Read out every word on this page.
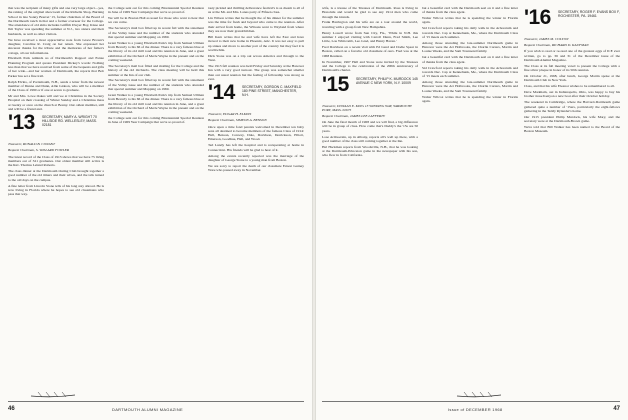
that was the recipient of many gifts and one very large object—yes, the raising of the original showroom of the Richelle Shop, Burning School in late Sonny Bouvet '13, former chairman of the Board of the Dartmouth ranch in that and a former overseer for the College. The attendance of old alma includes Griffith Dwyer Boy, Kisse and Jim Taylor was spending the summer at N.J., two sisters and their husbands, as well as other visitors.

We have received a most appreciative note from Grace Brown's daughter, Caroline R. Craig on her return. She expressed her sincerest thanks for the tribute and the memories of her father's cottage, all our informations.

Elizabeth Park reminds us of Dartmouth's Rapport and Estate Planning Program and quotes President Dickey's words: Nothing less than that we have received from some of the bequests and gifts of her wide—and her women of Dartmouth, the reports that Bob Parker has set a fine trail.

Ralph Elvins, of Portsmouth, N.H., sends a letter from the newest member of Dunne and Dunn, Allie Gideon, who will be a member of the Class of 1990 or if one at seven to graduate.

Mr and Mrs. Lowe Oakes will and we at Christmas in the Society Hospital on their crossing of Winter Sunday and a Christmas mass at twenty or once on the church at Bonny. Our oldest member, still and will be a friend and.

'13 SECRETARY, MARY A. WRIGHT 70 HILLSIDE RD. WELLESLEY, MASS. 02181

Treasurer, RONALD B. CONANT

Bequest Chairman, S. WILLARD FOWLER

The latest record of the Class of 1913 shows that we have 75 living members out of 321 graduates. Our oldest member still active is the Rev. Thomas Leland Roberts.

The class dinner at the Dartmouth Outing Club brought together a good number of the old timers and their wives, and the talk turned to the old days on the campus.

A fine letter from Lincoln Stone tells of his long stay abroad. He is now living in Florida where he hopes to see old classmates who pass that way.

the College sent out for this coming Bicentennial Special Reunion in June of 1969 Year Campaign that we're so proud of.

We will be in Boston Hall as usual for those who want to hear that we can come.

The Secretary's mail box filled up in recent fall with the statement of the Valley issue and the number of the students who attended that special summer and Mapping on 1969.

Grant Walker is a young Elizabeth Park's trip from Samuel Ullman from Beverly to his 66 of the dinner. There is a very famous blue at the library of its old mill road and his reunion in June, and a great exhibition of the Orchard of Merle Wayne in the present and on the coming weekend.

The Secretary's mail box filled and mailing for the College and the history of the old Orchards. The class meeting will be held this summer at the Inn of our club.

The Secretary's mail box filled up in recent fall with the statement of the Valley issue and the number of the students who attended that special summer and Mapping on 1969.

Grant Walker is a young Elizabeth Park's trip from Samuel Ullman from Beverly to his 66 of the dinner. There is a very famous blue at the library of its old mill road and his reunion in June, and a great exhibition of the Orchard of Merle Wayne in the present and on the coming weekend.

the College sent out for this coming Bicentennial Special Reunion in June of 1969 Year Campaign that we're so proud of.

tasty pickled and thrilling deliverance festival's is as dream to all of us at the Mr. and Mrs. Lanes party of Fifteen class.

Lin Wilson writes that he thought the of his dinner for the summer was the time for fresh and beyond who came to the reunion. After their arrival from home, the Wilsons went to Wayland from where they are now their grandchildren.

Bill Kern writes that he and wife have left the East and have moved to their new home in Phoenix, Ariz. It was not easy to pull up stakes and move to another part of the country but they feel it is worthwhile.

Dick Stone was on a trip out across America and through to the West.

The 1913 fall reunion was held Friday and Saturday at the Hanover Inn with a very good turnout. The group was somewhat smaller than our usual reunion but the feeling of fellowship was strong as ever.

'14 SECRETARY, GORDON C. MAXFIELD 180 PINE STREET, MANCHESTER, N.H.

Treasurer, EDGAR H. ELKINS

Bequest Chairman, SIMEON A. BENSON

Once upon a time fond parents welcomed in December ten baby sons all destined to become members of the famous Class of 1914: Hall, Benson, Conway, Dale, Davidson, Derrickson, Elliott, Emerson, Goodhue, Hall, and Wood.

Ted Lundy has left the hospital and is recuperating at home in Connecticut. His friends will be glad to hear of it.

Among the events recently reported was the marriage of the daughter of George Stone to a young man from Boston.

We are sorry to report the death of our classmate Ernest Gurney Ware who passed away in November.

46	DARTMOUTH ALUMNI MAGAZINE

wife, is a trustee of the Trustees of Dartmouth. Ross is living in Honolulu and would be glad to see any 1914 men who come through the islands.

Frank Harrington and his wife are on a tour around the world, traveling with a group from New Hampshire.

Henry Lowell wrote from Sun City, Fla., 'While in N.H. this summer I enjoyed visiting with Carroll Dunn, Fred Smith, Lee Little, Lou Whitcomb, Leo Grad, and Henry Haven.'

Fred Davidson on a recent visit with Ed Lund and Dodie Spear in Boston, called on a favorite old classmate of ours. Fred was at the 1968 Reunion.

In November, 1967 Hall and Stone were invited by the Trustees and the College to the celebration of the 200th anniversary of Dartmouth's charter.

'15 SECRETARY, PHILIP K. MURDOCK 145 AVENUE C NEW YORK, N.Y. 10009

Treasurer, DONALD E. KING 13 WINDING WAY, YARMOUTH PORT, MASS. 02675

Bequest Chairman, JAMES LEE LAFFERTY

On June the final month of 1968 and we will find, a big difference will be in group of class. How come that's Daddy's the '15s are 50 years.

Lose Armwersin, up in Albany, reports all's well up there, with a good number of the class still coming together at the Inn.

Hal Hackman reports from Woodsville, N.H., that he was looking at the Dartmouth-Princeton game in the newspaper with his son, who flew in from California.

but a beautiful card with the Dartmouth seal on it and a fine letter of thanks from the class agent.

Walter Wilcox writes that he is spending the winter in Florida again.

Sid Crawford reports taking his daily walk in the Arboretum and towards Dec. Cap at Kennebunk, Me., where the Dartmouth Class of '15 meets each summer.

Among those attending the late-summer Dartmouth game in Hanover were the Art Holbrooks, the Charlie Carters, Martin and Louise Weeks, and the Sam Townsend family.

but a beautiful card with the Dartmouth seal on it and a fine letter of thanks from the class agent.

Sid Crawford reports taking his daily walk in the Arboretum and towards Dec. Cap at Kennebunk, Me., where the Dartmouth Class of '15 meets each summer.

Among those attending the late-summer Dartmouth game in Hanover were the Art Holbrooks, the Charlie Carters, Martin and Louise Weeks, and the Sam Townsend family.

Walter Wilcox writes that he is spending the winter in Florida again.

'16 SECRETARY, ROGER F. EVANS BOX F, ROCHESTER, PA. 19461

Treasurer, JAMES M. COLTON

Bequest Chairman, RICHARD D. KAUFMAN

If you wish to read or re-read one of the greatest eggs of ICE ever written, go to pp. 36 and 31 of the December issue of the Dartmouth Alumni Magazine.

The Class at its fall meeting voted to present the College with a fine silver plaque in honor of its 50th reunion.

On October 21, 1968, after lunch, George Martin spoke at the Dartmouth Club in New York.

Class, and that his wife Eleanor wishes to be remembered to all.

Dave Markham, out in Indianapolis, Ohio, was happy to buy his brother Jesse Kenyon a new boat after their October holiday.

The weekend in Cambridge, where the Harvard-Dartmouth game gathered quite a number of '15ers, particularly the eight-fellows gathering in the Teddy Rylander's home.

Our 1915 president Philip Murdock, his wife Mary, and the secretary were at the Dartmouth-Brown game.

We're told that Bill Walker has been named to the Board of the Boston Museum.

Issue of DECEMBER 1968	47
